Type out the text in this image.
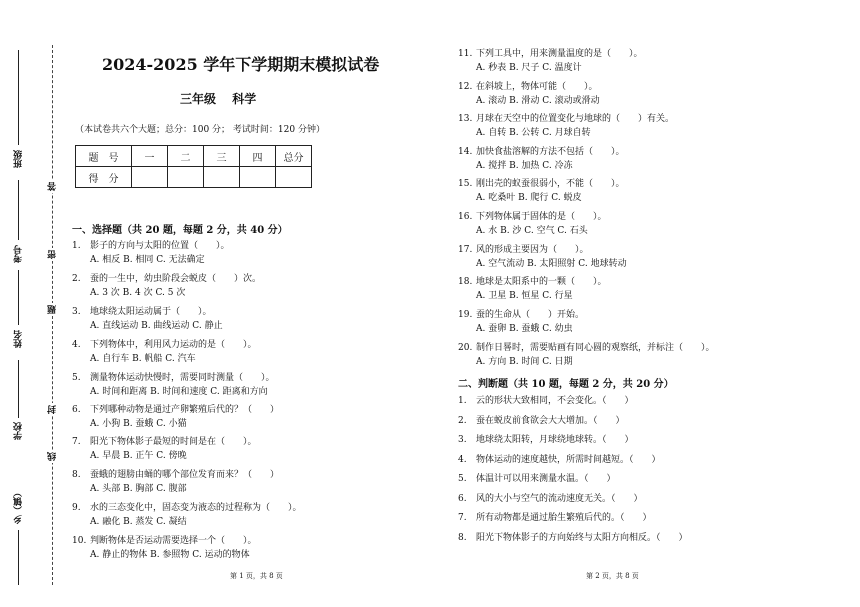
班级
考号
姓名
学校
乡（镇）
答
密
题
封
线
2024-2025 学年下学期期末模拟试卷
三年级 科学
（本试卷共六个大题；总分：100 分； 考试时间：120 分钟）
题　号	一	二	三	四	总分
得　分					
一、选择题（共 20 题，每题 2 分，共 40 分）
1. 影子的方向与太阳的位置（　　）。
A. 相反 B. 相同 C. 无法确定
2. 蚕的一生中，幼虫阶段会蜕皮（　　）次。
A. 3 次 B. 4 次 C. 5 次
3. 地球绕太阳运动属于（　　）。
A. 直线运动 B. 曲线运动 C. 静止
4. 下列物体中，利用风力运动的是（　　）。
A. 自行车 B. 帆船 C. 汽车
5. 测量物体运动快慢时，需要同时测量（　　）。
A. 时间和距离 B. 时间和速度 C. 距离和方向
6. 下列哪种动物是通过产卵繁殖后代的？（　　）
A. 小狗 B. 蚕蛾 C. 小猫
7. 阳光下物体影子最短的时间是在（　　）。
A. 早晨 B. 正午 C. 傍晚
8. 蚕蛾的翅膀由蛹的哪个部位发育而来？（　　）
A. 头部 B. 胸部 C. 腹部
9. 水的三态变化中，固态变为液态的过程称为（　　）。
A. 融化 B. 蒸发 C. 凝结
10. 判断物体是否运动需要选择一个（　　）。
A. 静止的物体 B. 参照物 C. 运动的物体
11. 下列工具中，用来测量温度的是（　　）。
A. 秒表 B. 尺子 C. 温度计
12. 在斜坡上，物体可能（　　）。
A. 滚动 B. 滑动 C. 滚动或滑动
13. 月球在天空中的位置变化与地球的（　　）有关。
A. 自转 B. 公转 C. 月球自转
14. 加快食盐溶解的方法不包括（　　）。
A. 搅拌 B. 加热 C. 冷冻
15. 刚出壳的蚁蚕很弱小，不能（　　）。
A. 吃桑叶 B. 爬行 C. 蜕皮
16. 下列物体属于固体的是（　　）。
A. 水 B. 沙 C. 空气 C. 石头
17. 风的形成主要因为（　　）。
A. 空气流动 B. 太阳照射 C. 地球转动
18. 地球是太阳系中的一颗（　　）。
A. 卫星 B. 恒星 C. 行星
19. 蚕的生命从（　　）开始。
A. 蚕卵 B. 蚕蛾 C. 幼虫
20. 制作日晷时，需要贴画有同心圆的观察纸，并标注（　　）。
A. 方向 B. 时间 C. 日期
二、判断题（共 10 题，每题 2 分，共 20 分）
1. 云的形状大致相同，不会变化。（　　）
2. 蚕在蜕皮前食欲会大大增加。（　　）
3. 地球绕太阳转，月球绕地球转。（　　）
4. 物体运动的速度越快，所需时间越短。（　　）
5. 体温计可以用来测量水温。（　　）
6. 风的大小与空气的流动速度无关。（　　）
7. 所有动物都是通过胎生繁殖后代的。（　　）
8. 阳光下物体影子的方向始终与太阳方向相反。（　　）
第 1 页，共 8 页	第 2 页，共 8 页
